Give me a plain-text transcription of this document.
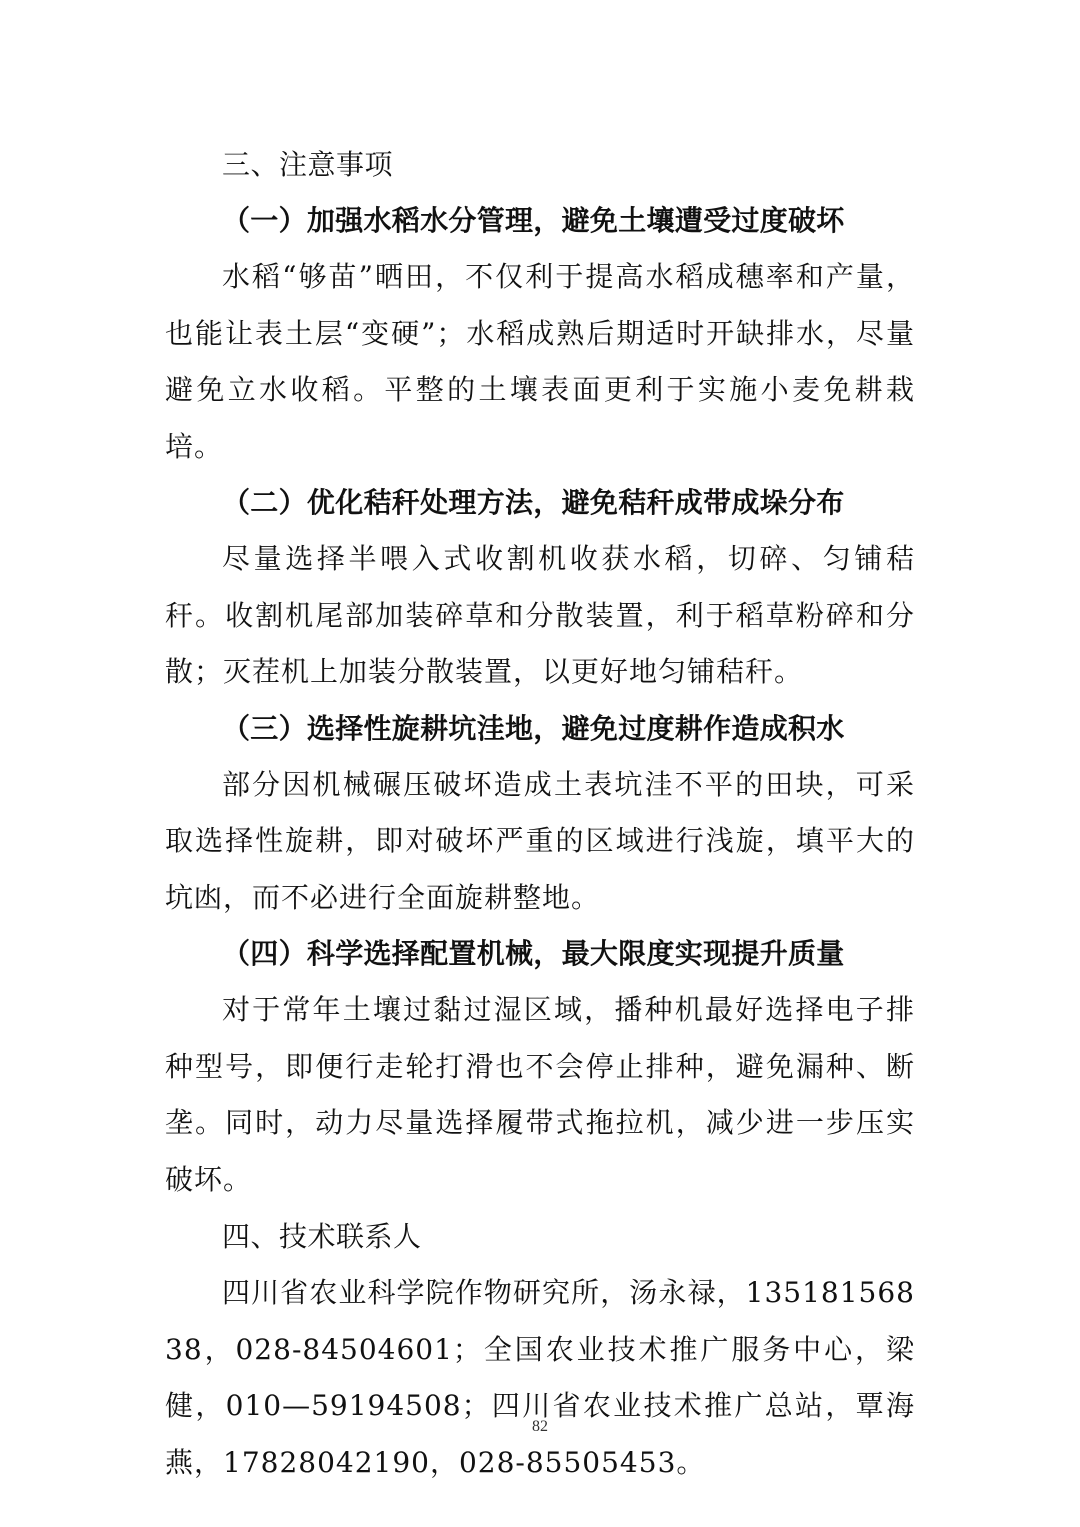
三、注意事项
（一）加强水稻水分管理，避免土壤遭受过度破坏

水稻“够苗”晒田，不仅利于提高水稻成穗率和产量，也能让表土层“变硬”；水稻成熟后期适时开缺排水，尽量避免立水收稻。平整的土壤表面更利于实施小麦免耕栽培。

（二）优化秸秆处理方法，避免秸秆成带成垛分布

尽量选择半喂入式收割机收获水稻，切碎、匀铺秸秆。收割机尾部加装碎草和分散装置，利于稻草粉碎和分散；灭茬机上加装分散装置，以更好地匀铺秸秆。

（三）选择性旋耕坑洼地，避免过度耕作造成积水

部分因机械碾压破坏造成土表坑洼不平的田块，可采取选择性旋耕，即对破坏严重的区域进行浅旋，填平大的坑凼，而不必进行全面旋耕整地。

（四）科学选择配置机械，最大限度实现提升质量

对于常年土壤过黏过湿区域，播种机最好选择电子排种型号，即便行走轮打滑也不会停止排种，避免漏种、断垄。同时，动力尽量选择履带式拖拉机，减少进一步压实破坏。

四、技术联系人

四川省农业科学院作物研究所，汤永禄，13518156838，028-84504601；全国农业技术推广服务中心，梁健，010—59194508；四川省农业技术推广总站，覃海燕，17828042190，028-85505453。

82
